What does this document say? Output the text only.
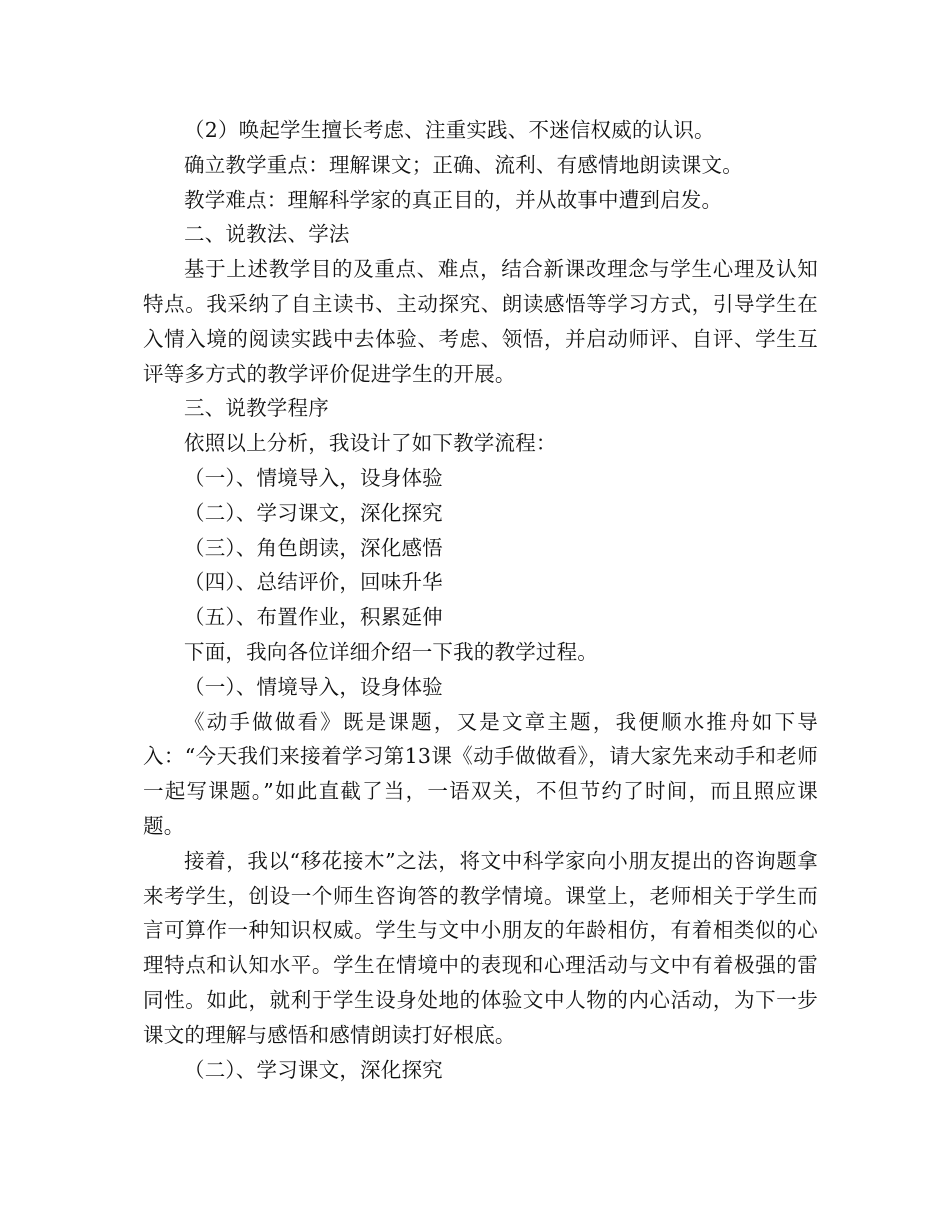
（2）唤起学生擅长考虑、注重实践、不迷信权威的认识。

确立教学重点：理解课文；正确、流利、有感情地朗读课文。

教学难点：理解科学家的真正目的，并从故事中遭到启发。

二、说教法、学法

基于上述教学目的及重点、难点，结合新课改理念与学生心理及认知特点。我采纳了自主读书、主动探究、朗读感悟等学习方式，引导学生在入情入境的阅读实践中去体验、考虑、领悟，并启动师评、自评、学生互评等多方式的教学评价促进学生的开展。

三、说教学程序

依照以上分析，我设计了如下教学流程：

（一）、情境导入，设身体验

（二）、学习课文，深化探究

（三）、角色朗读，深化感悟

（四）、总结评价，回味升华

（五）、布置作业，积累延伸

下面，我向各位详细介绍一下我的教学过程。

（一）、情境导入，设身体验

《动手做做看》既是课题，又是文章主题，我便顺水推舟如下导入：“今天我们来接着学习第13课《动手做做看》，请大家先来动手和老师一起写课题。”如此直截了当，一语双关，不但节约了时间，而且照应课题。

接着，我以“移花接木”之法，将文中科学家向小朋友提出的咨询题拿来考学生，创设一个师生咨询答的教学情境。课堂上，老师相关于学生而言可算作一种知识权威。学生与文中小朋友的年龄相仿，有着相类似的心理特点和认知水平。学生在情境中的表现和心理活动与文中有着极强的雷同性。如此，就利于学生设身处地的体验文中人物的内心活动，为下一步课文的理解与感悟和感情朗读打好根底。

（二）、学习课文，深化探究
